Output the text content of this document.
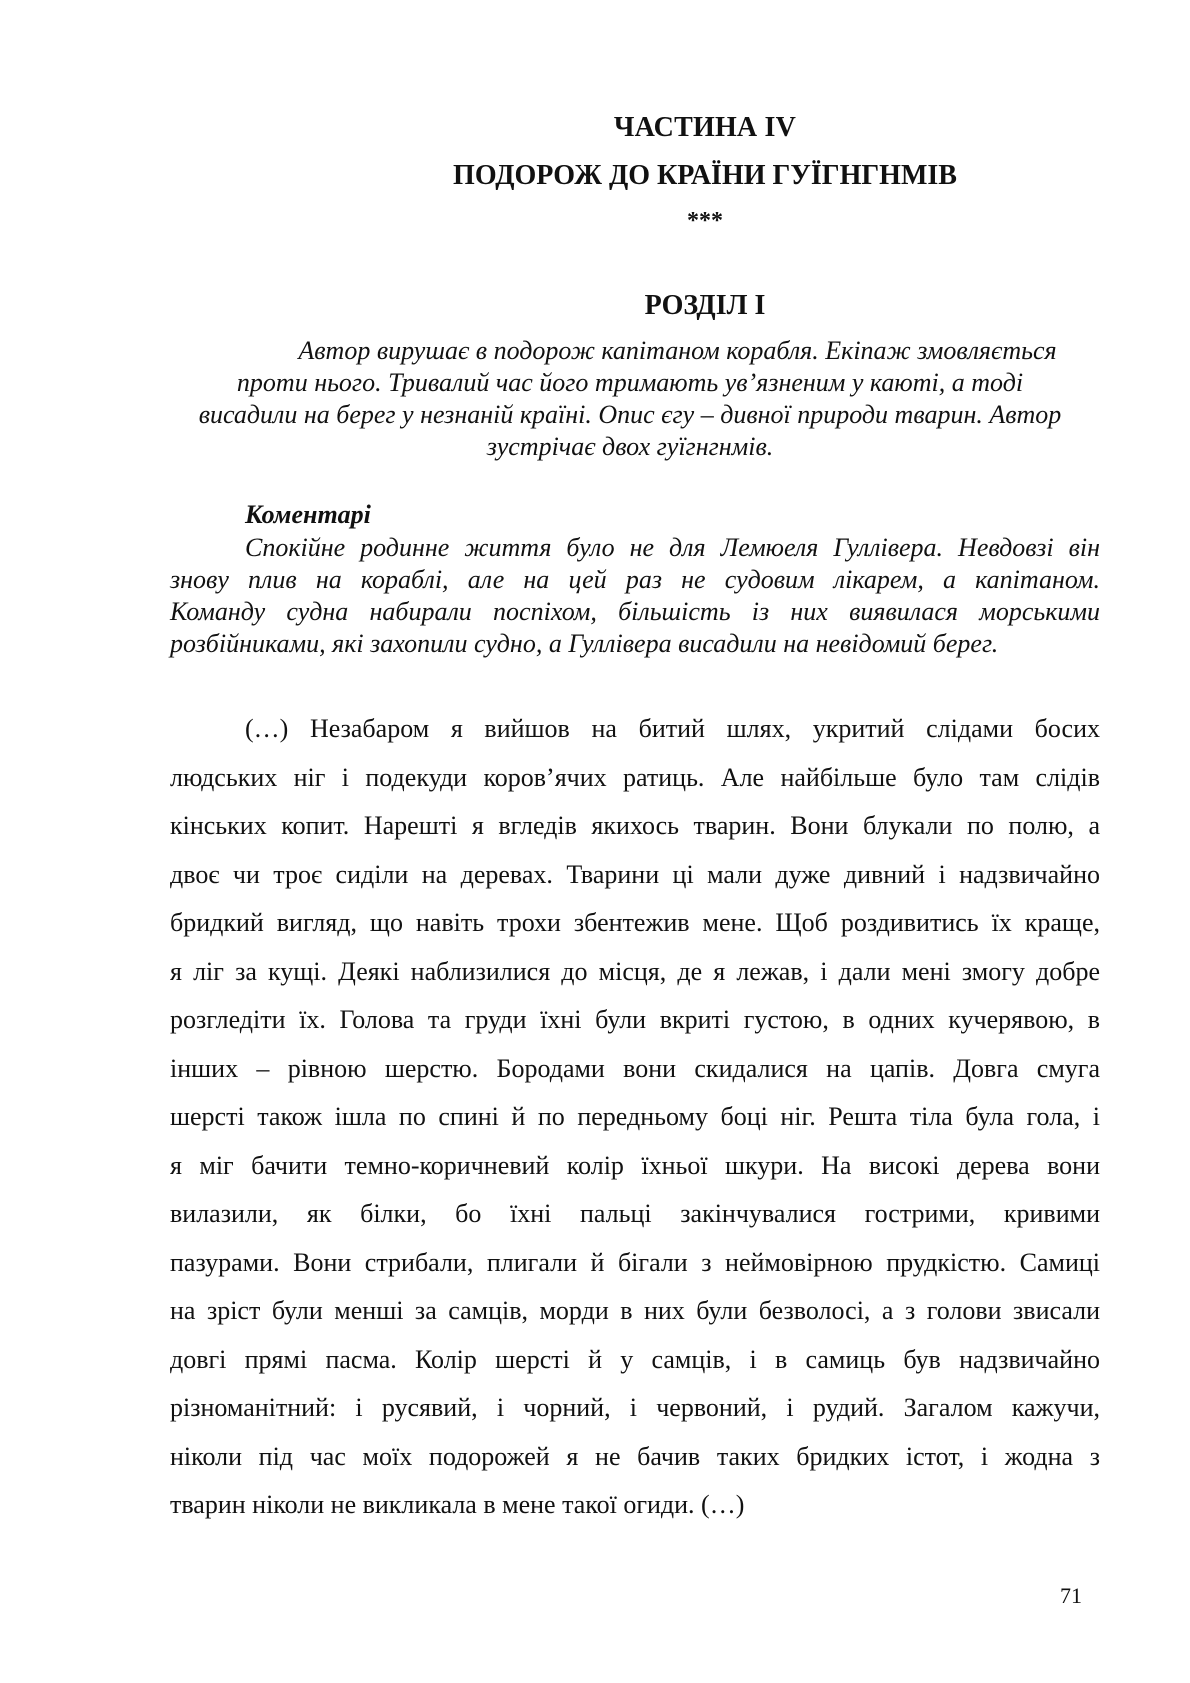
ЧАСТИНА IV
ПОДОРОЖ ДО КРАЇНИ ГУЇГНГНМІВ
***
РОЗДІЛ I
Автор вирушає в подорож капітаном корабля. Екіпаж змовляється
проти нього. Тривалий час його тримають ув’язненим у каюті, а тоді
висадили на берег у незнаній країні. Опис єгу – дивної природи тварин. Автор
зустрічає двох гуїгнгнмів.
Коментарі
Спокійне родинне життя було не для Лемюеля Гуллівера. Невдовзі він
знову плив на кораблі, але на цей раз не судовим лікарем, а капітаном.
Команду судна набирали поспіхом, більшість із них виявилася морськими
розбійниками, які захопили судно, а Гуллівера висадили на невідомий берег.
(…) Незабаром я вийшов на битий шлях, укритий слідами босих
людських ніг і подекуди коров’ячих ратиць. Але найбільше було там слідів
кінських копит. Нарешті я вгледів якихось тварин. Вони блукали по полю, а
двоє чи троє сиділи на деревах. Тварини ці мали дуже дивний і надзвичайно
бридкий вигляд, що навіть трохи збентежив мене. Щоб роздивитись їх краще,
я ліг за кущі. Деякі наблизилися до місця, де я лежав, і дали мені змогу добре
розгледіти їх. Голова та груди їхні були вкриті густою, в одних кучерявою, в
інших – рівною шерстю. Бородами вони скидалися на цапів. Довга смуга
шерсті також ішла по спині й по передньому боці ніг. Решта тіла була гола, і
я міг бачити темно-коричневий колір їхньої шкури. На високі дерева вони
вилазили, як білки, бо їхні пальці закінчувалися гострими, кривими
пазурами. Вони стрибали, плигали й бігали з неймовірною прудкістю. Самиці
на зріст були менші за самців, морди в них були безволосі, а з голови звисали
довгі прямі пасма. Колір шерсті й у самців, і в самиць був надзвичайно
різноманітний: і русявий, і чорний, і червоний, і рудий. Загалом кажучи,
ніколи під час моїх подорожей я не бачив таких бридких істот, і жодна з
тварин ніколи не викликала в мене такої огиди. (…)
71
